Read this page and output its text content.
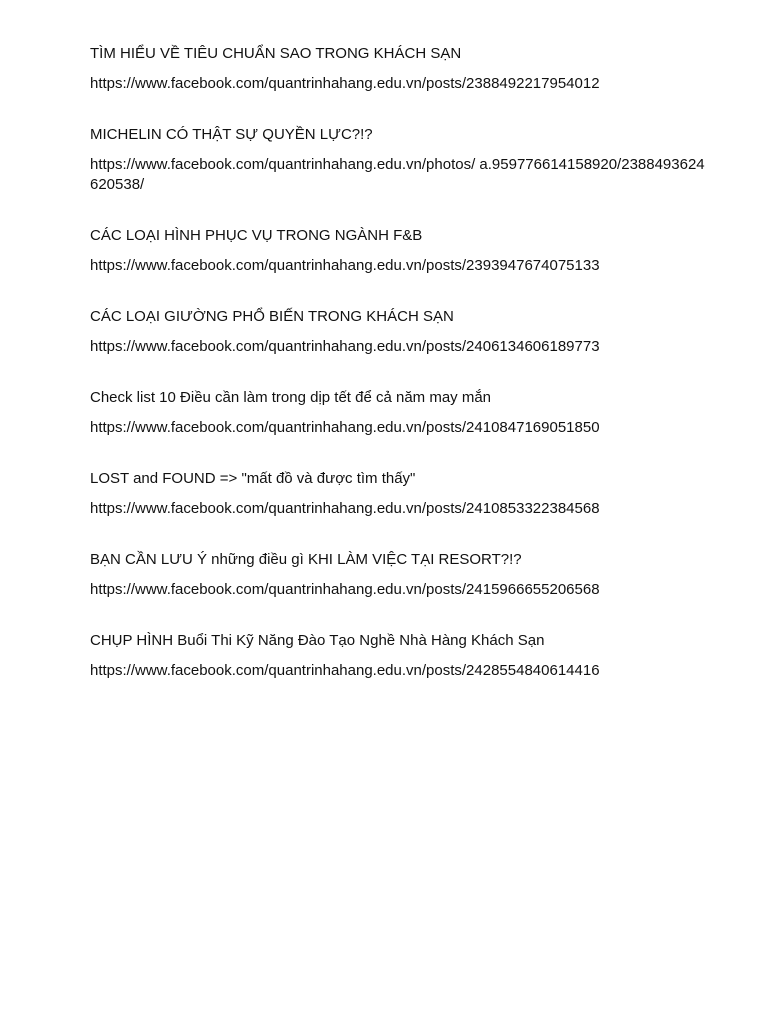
TÌM HIỂU VỀ TIÊU CHUẨN SAO TRONG KHÁCH SẠN

https://www.facebook.com/quantrinhahang.edu.vn/posts/2388492217954012

MICHELIN CÓ THẬT SỰ QUYỀN LỰC?!?

https://www.facebook.com/quantrinhahang.edu.vn/photos/ a.959776614158920/2388493624620538/

CÁC LOẠI HÌNH PHỤC VỤ TRONG NGÀNH F&B

https://www.facebook.com/quantrinhahang.edu.vn/posts/2393947674075133

CÁC LOẠI GIƯỜNG PHỔ BIẾN TRONG KHÁCH SẠN

https://www.facebook.com/quantrinhahang.edu.vn/posts/2406134606189773

Check list 10 Điều cần làm trong dịp tết để cả năm may mắn

https://www.facebook.com/quantrinhahang.edu.vn/posts/2410847169051850

LOST and FOUND => "mất đồ và được tìm thấy"

https://www.facebook.com/quantrinhahang.edu.vn/posts/2410853322384568

BẠN CẦN LƯU Ý những điều gì KHI LÀM VIỆC TẠI RESORT?!?

https://www.facebook.com/quantrinhahang.edu.vn/posts/2415966655206568

CHỤP HÌNH Buổi Thi Kỹ Năng Đào Tạo Nghề Nhà Hàng Khách Sạn

https://www.facebook.com/quantrinhahang.edu.vn/posts/2428554840614416
